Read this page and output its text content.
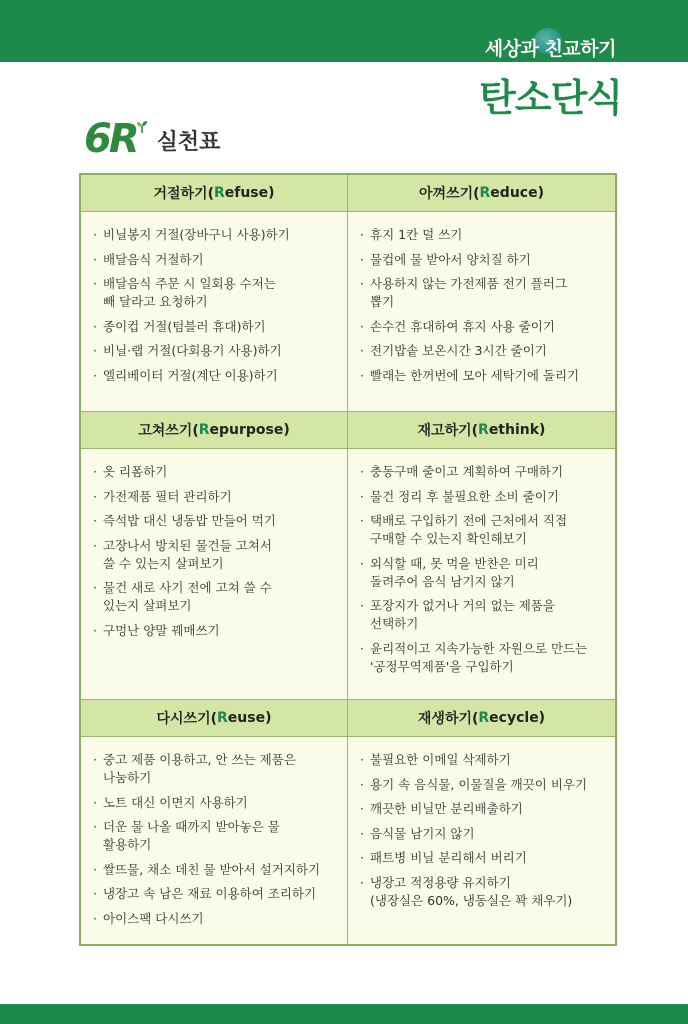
세상과 친교하기
탄소단식
6R 실천표
거절하기( R efuse)
· 비닐봉지 거절(장바구니 사용)하기
· 배달음식 거절하기
· 배달음식 주문 시 일회용 수저는
빼 달라고 요청하기
· 종이컵 거절(텀블러 휴대)하기
· 비닐·랩 거절(다회용기 사용)하기
· 엘리베이터 거절(계단 이용)하기
아껴쓰기( R educe)
· 휴지 1칸 덜 쓰기
· 물컵에 물 받아서 양치질 하기
· 사용하지 않는 가전제품 전기 플러그
뽑기
· 손수건 휴대하여 휴지 사용 줄이기
· 전기밥솥 보온시간 3시간 줄이기
· 빨래는 한꺼번에 모아 세탁기에 돌리기
고쳐쓰기( R epurpose)
· 옷 리폼하기
· 가전제품 필터 관리하기
· 즉석밥 대신 냉동밥 만들어 먹기
· 고장나서 방치된 물건들 고쳐서
쓸 수 있는지 살펴보기
· 물건 새로 사기 전에 고쳐 쓸 수
있는지 살펴보기
· 구멍난 양말 꿰매쓰기
재고하기( R ethink)
· 충동구매 줄이고 계획하여 구매하기
· 물건 정리 후 불필요한 소비 줄이기
· 택배로 구입하기 전에 근처에서 직접
구매할 수 있는지 확인해보기
· 외식할 때, 못 먹을 반찬은 미리
돌려주어 음식 남기지 않기
· 포장지가 없거나 거의 없는 제품을
선택하기
· 윤리적이고 지속가능한 자원으로 만드는
'공정무역제품'을 구입하기
다시쓰기( R euse)
· 중고 제품 이용하고, 안 쓰는 제품은
나눔하기
· 노트 대신 이면지 사용하기
· 더운 물 나올 때까지 받아놓은 물
활용하기
· 쌀뜨물, 채소 데친 물 받아서 설거지하기
· 냉장고 속 남은 재료 이용하여 조리하기
· 아이스팩 다시쓰기
재생하기( R ecycle)
· 불필요한 이메일 삭제하기
· 용기 속 음식물, 이물질을 깨끗이 비우기
· 깨끗한 비닐만 분리배출하기
· 음식물 남기지 않기
· 패트병 비닐 분리해서 버리기
· 냉장고 적정용량 유지하기
(냉장실은 60%, 냉동실은 꽉 채우기)
